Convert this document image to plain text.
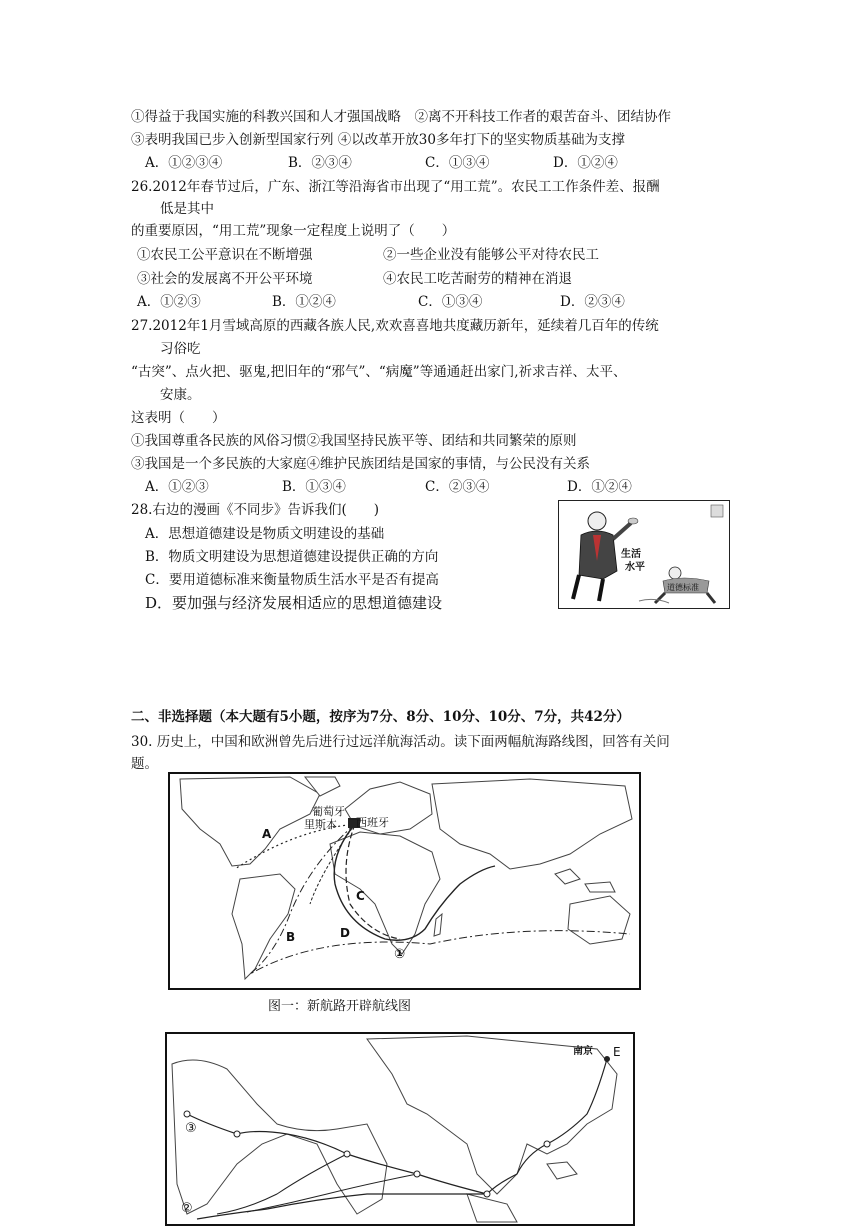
①得益于我国实施的科教兴国和人才强国战略　②离不开科技工作者的艰苦奋斗、团结协作
③表明我国已步入创新型国家行列 ④以改革开放30多年打下的坚实物质基础为支撑
A．①②③④	B．②③④	C．①③④	D．①②④
26.2012年春节过后，广东、浙江等沿海省市出现了“用工荒”。农民工工作条件差、报酬
低是其中
的重要原因，“用工荒”现象一定程度上说明了（　　）
①农民工公平意识在不断增强	②一些企业没有能够公平对待农民工
③社会的发展离不开公平环境	④农民工吃苦耐劳的精神在消退
A．①②③	B．①②④	C．①③④	D．②③④
27.2012年1月雪域高原的西藏各族人民,欢欢喜喜地共度藏历新年，延续着几百年的传统
习俗吃
“古突”、点火把、驱鬼,把旧年的“邪气”、“病魔”等通通赶出家门,祈求吉祥、太平、
安康。
这表明（　　）
①我国尊重各民族的风俗习惯②我国坚持民族平等、团结和共同繁荣的原则
③我国是一个多民族的大家庭④维护民族团结是国家的事情，与公民没有关系
A．①②③	B．①③④	C．②③④	D．①②④
28.右边的漫画《不同步》告诉我们(　　)
A．思想道德建设是物质文明建设的基础
B．物质文明建设为思想道德建设提供正确的方向
C．要用道德标准来衡量物质生活水平是否有提高
D．要加强与经济发展相适应的思想道德建设
生活
水平
道德标准
二、非选择题（本大题有5小题，按序为7分、8分、10分、10分、7分，共42分）
30. 历史上，中国和欧洲曾先后进行过远洋航海活动。读下面两幅航海路线图，回答有关问
题。
葡萄牙
里斯本 西班牙
A
B
C
D
①
图一：新航路开辟航线图
南京 E
③
②
